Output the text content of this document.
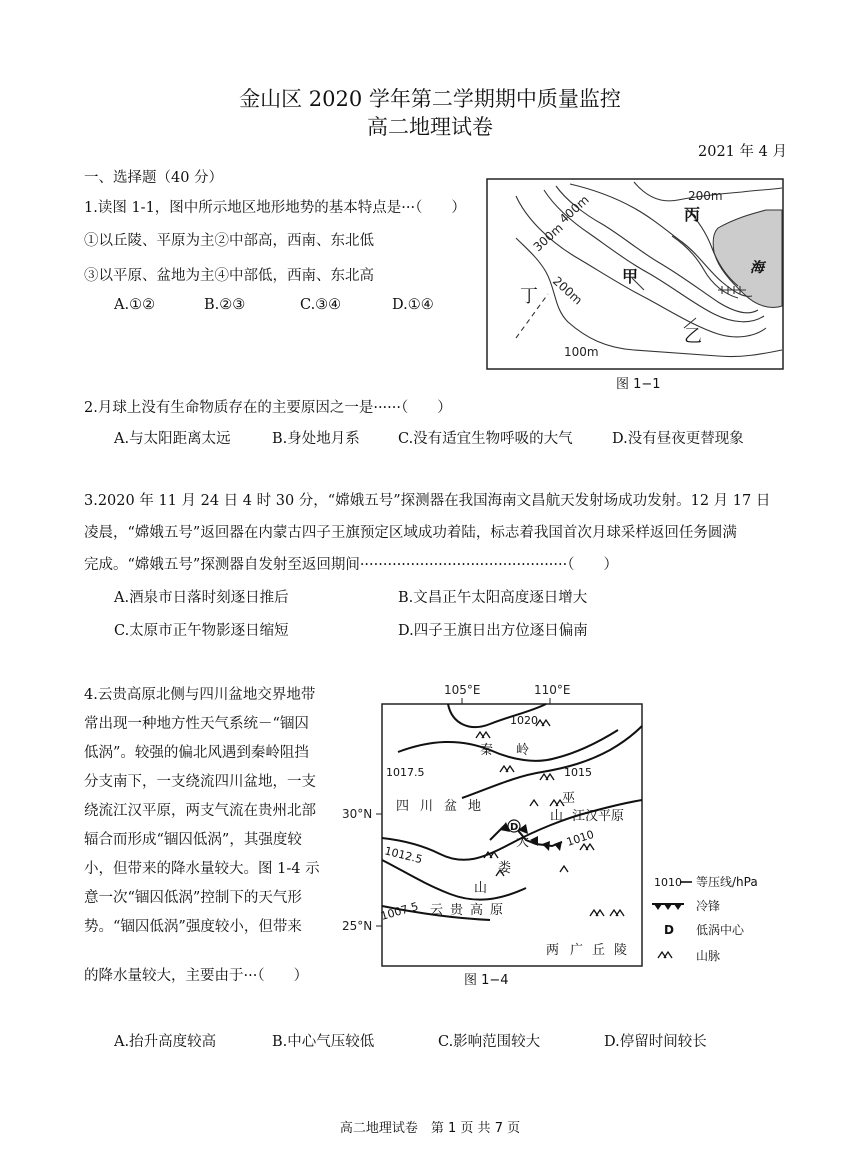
金山区 2020 学年第二学期期中质量监控
高二地理试卷
2021 年 4 月
一、选择题（40 分）
1.读图 1-1，图中所示地区地形地势的基本特点是···（　　）
①以丘陵、平原为主②中部高，西南、东北低
③以平原、盆地为主④中部低，西南、东北高
A.①②	B.②③	C.③④	D.①④
200m
400m
300m
200m
100m
丙
甲
丁
乙
海
图 1−1
2.月球上没有生命物质存在的主要原因之一是······（　　）
A.与太阳距离太远	B.身处地月系	C.没有适宜生物呼吸的大气	D.没有昼夜更替现象
3.2020 年 11 月 24 日 4 时 30 分，“嫦娥五号”探测器在我国海南文昌航天发射场成功发射。12 月 17 日
凌晨，“嫦娥五号”返回器在内蒙古四子王旗预定区域成功着陆，标志着我国首次月球采样返回任务圆满
完成。“嫦娥五号”探测器自发射至返回期间·············································（　　）
A.酒泉市日落时刻逐日推后	B.文昌正午太阳高度逐日增大
C.太原市正午物影逐日缩短	D.四子王旗日出方位逐日偏南
4.云贵高原北侧与四川盆地交界地带
常出现一种地方性天气系统－“锢囚
低涡”。较强的偏北风遇到秦岭阻挡
分支南下，一支绕流四川盆地，一支
绕流江汉平原，两支气流在贵州北部
辐合而形成“锢囚低涡”，其强度较
小，但带来的降水量较大。图 1-4 示
意一次“锢囚低涡”控制下的天气形
势。“锢囚低涡”强度较小，但带来
的降水量较大，主要由于···（　　）
105°E	110°E
30°N
25°N
D
1020
1017.5	1015
1012.5
1010
1007.5
秦 岭
四 川 盆 地
巫
山 江汉平原
大
娄
山
云 贵 高 原
两 广 丘 陵
1010 等压线/hPa
冷锋
D 低涡中心
山脉
图 1−4
A.抬升高度较高	B.中心气压较低	C.影响范围较大	D.停留时间较长
高二地理试卷　第 1 页 共 7 页
